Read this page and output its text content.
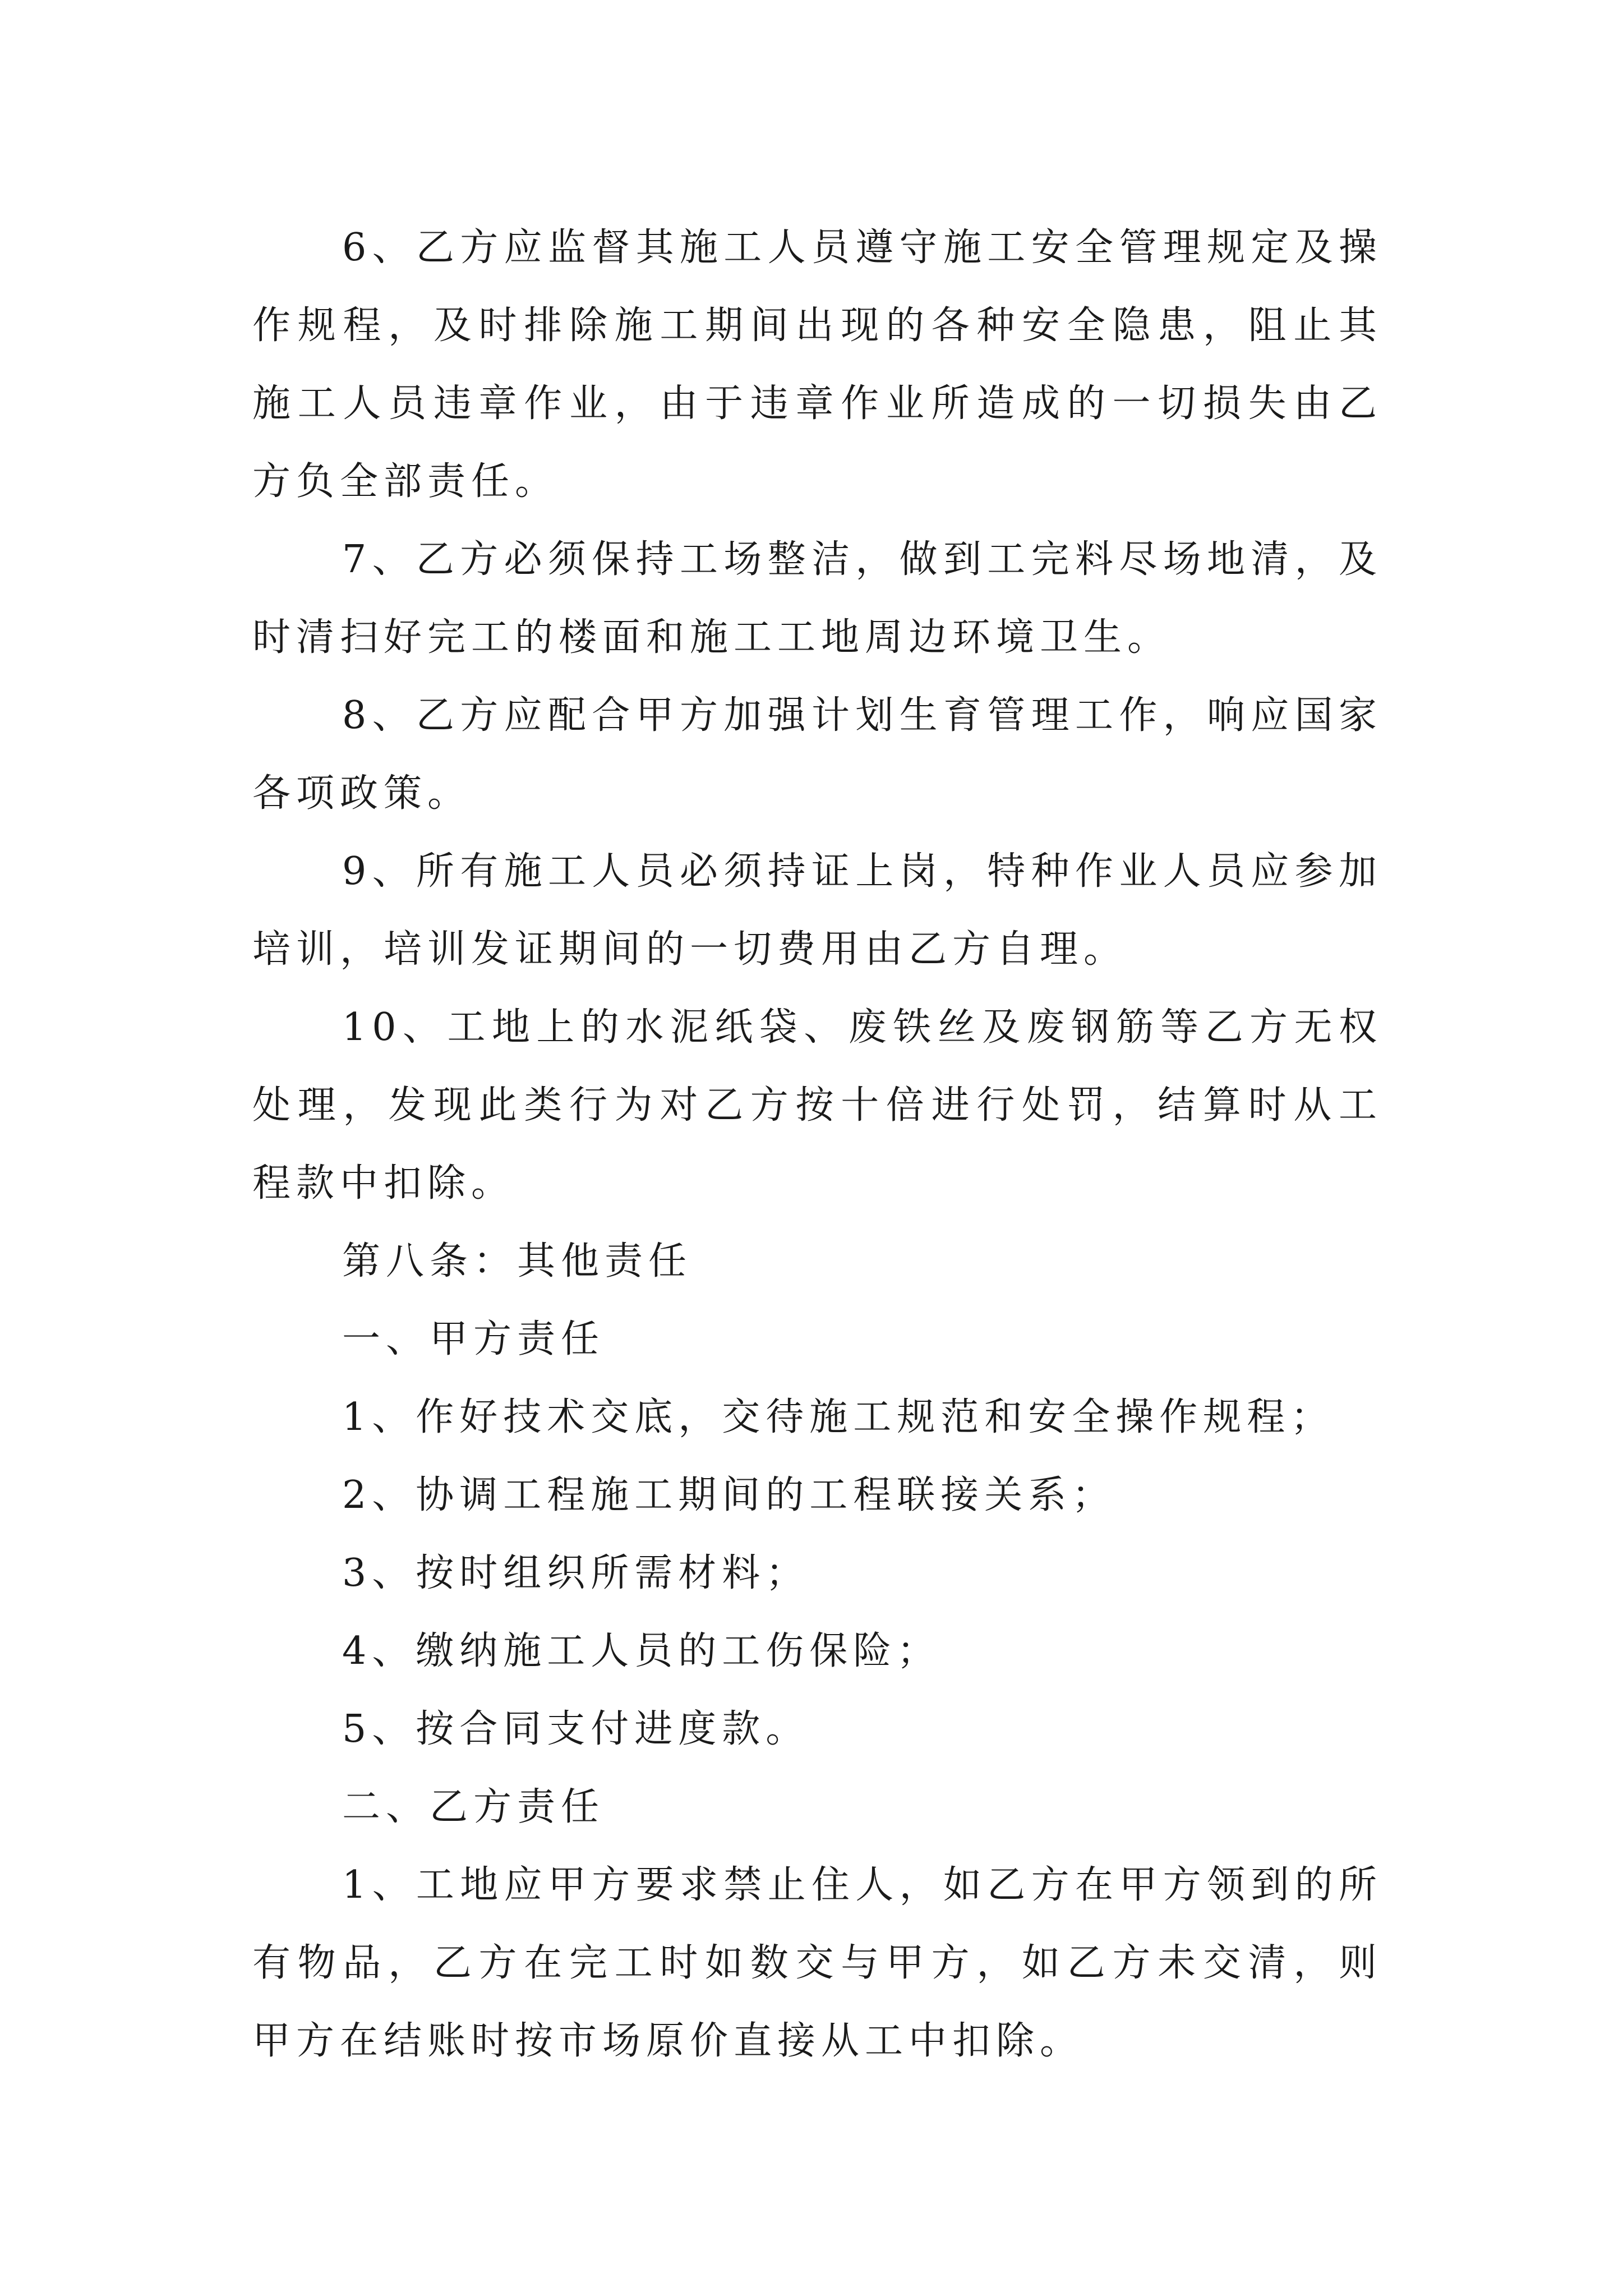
6、乙方应监督其施工人员遵守施工安全管理规定及操作规程，及时排除施工期间出现的各种安全隐患，阻止其施工人员违章作业，由于违章作业所造成的一切损失由乙方负全部责任。

7、乙方必须保持工场整洁，做到工完料尽场地清，及时清扫好完工的楼面和施工工地周边环境卫生。

8、乙方应配合甲方加强计划生育管理工作，响应国家各项政策。

9、所有施工人员必须持证上岗，特种作业人员应参加培训，培训发证期间的一切费用由乙方自理。

10、工地上的水泥纸袋、废铁丝及废钢筋等乙方无权处理，发现此类行为对乙方按十倍进行处罚，结算时从工程款中扣除。

第八条：其他责任

一、甲方责任

1、作好技术交底，交待施工规范和安全操作规程；

2、协调工程施工期间的工程联接关系；

3、按时组织所需材料；

4、缴纳施工人员的工伤保险；

5、按合同支付进度款。

二、乙方责任

1、工地应甲方要求禁止住人，如乙方在甲方领到的所有物品，乙方在完工时如数交与甲方，如乙方未交清，则甲方在结账时按市场原价直接从工中扣除。
